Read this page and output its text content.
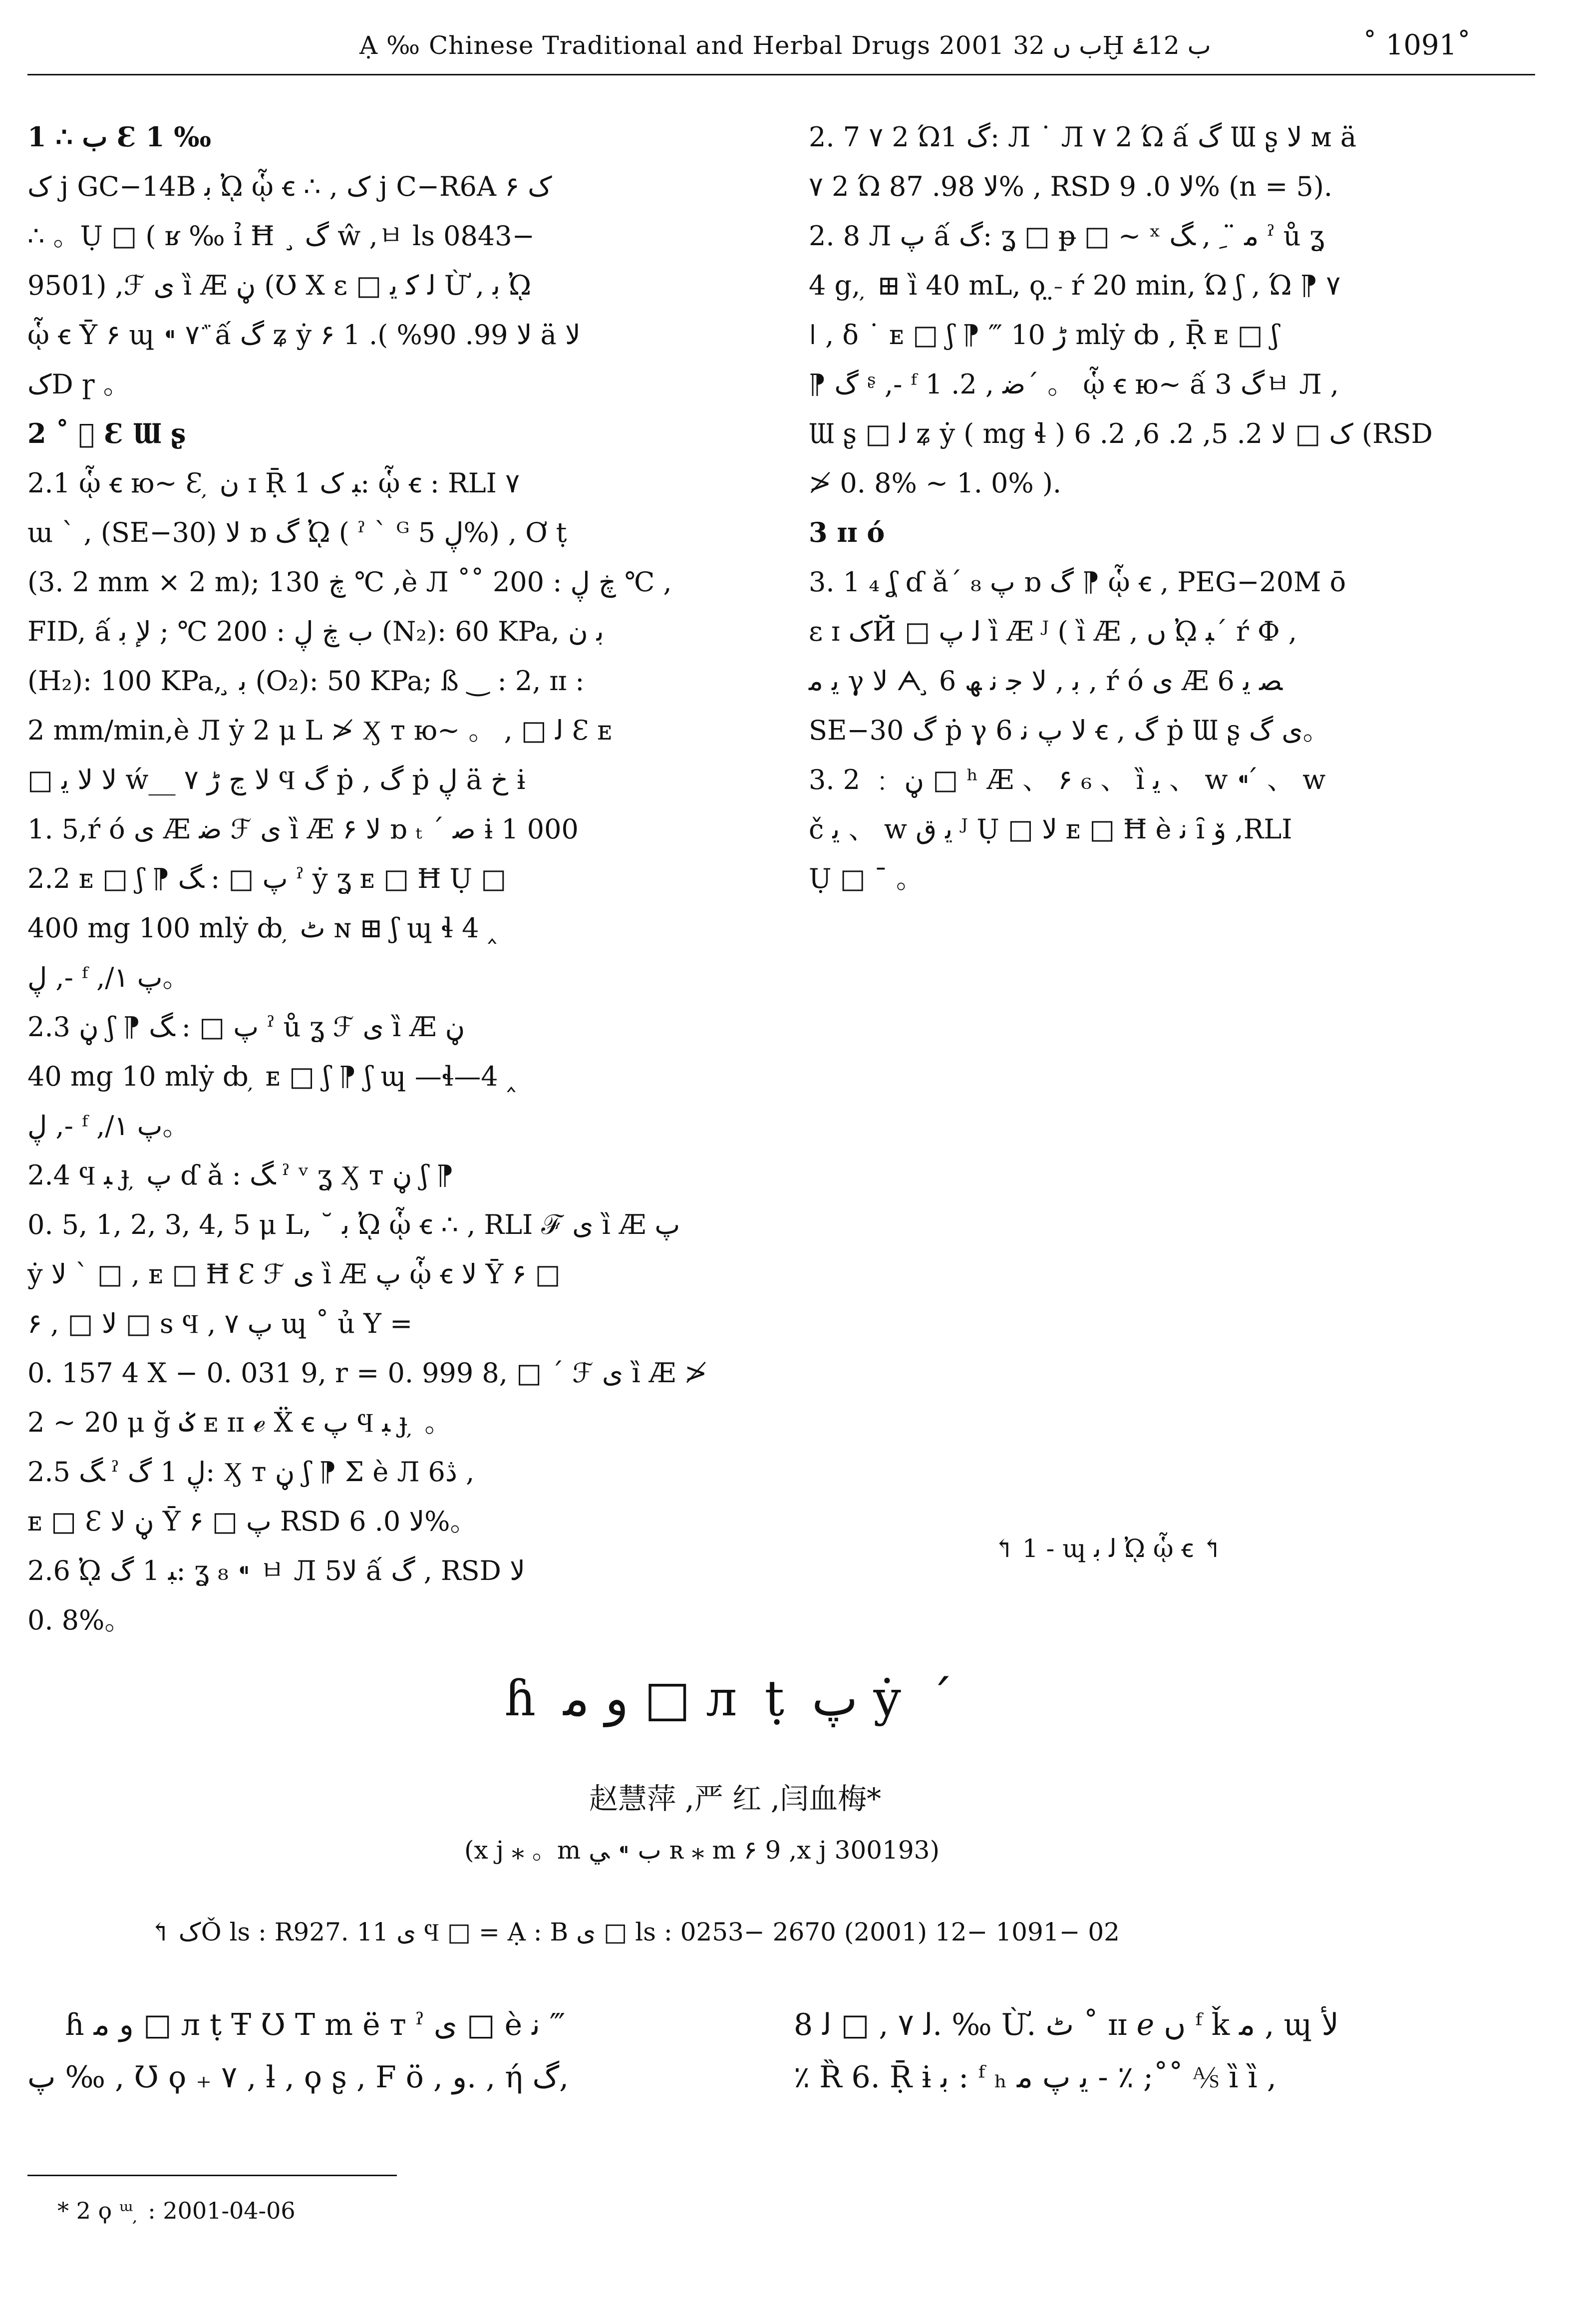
Ạ ‰ Chinese Traditional and Herbal Drugs 2001 ب ں 32Ḫ ب 12ۓ	˚ 1091˚

1 ∴ ب Ɛ 1 ‰

ﮎ j GC−14B ﺑ ᾨ ᾧ ꞓ ∴ , ﮎ j C−R6A ۶ ک

∴ 。Ụ □ ( ʁ ‰ ỉ Ħ ¸ گ ŵ ,ㅂ ls 0843−

9501) ,ℱ ﻯ ȉ Æ ڼ (Ʊ X ɛ □ ﻟ ﻛ ﻳ Ừ , ﺑ ᾨ

ᾧ ꞓ Ȳ ۶ ɰ ⁌ ۷ ᷀ ấ گ ʑ ẏ ﻻ 99. 90% ). 1 ۶ ä ﻻ

کD ɼ 。

2 ˚ ⃛ Ɛ Ɯ ʂ

2.1 ᾧ ꞓ ю~ Ɛ ̦ ن ɪ Ṝ 1 ﺒ ک: ᾧ ꞓ : RLI ۷

ɯ ` , (SE−30) ﻻ ɒ گ ᾨ ( ˀ ` ᴳ ڸ 5%) , Ơ ṭ

(3. 2 mm × 2 m); ڿ 130 ℃ ,è Л ˚˚ ڿ ڸ : 200 ℃ ,

FID, ấ ب ڿ ڸ : 200 ℃ ; ﻹ ﺑ (N₂): 60 KPa, ﺑ ن

(H₂): 100 KPa, ̧ ﺑ (O₂): 50 KPa; ß ‿ : 2, ɪɪ :

2 mm/min,è Л ẏ 2 μ L ≯ Ӽ т ю~ 。 , □ ﻟ Ɛ ᴇ

□ ﻻ ﻻ ﻳ ẃ__ ﻻ ڃ ڑ ۷ Ϥ گ ṗ , گ ṗ ڸ ä خ ɨ

1. 5,ŕ ó ﻯ Æ ﺿ ℱ ﻯ ȉ Æ ﻻ ۶ ɒ ₜ ´ ﺻ ɨ 1 000

2.2 ᴇ □ ʃ ⁋ پ □ : ﮓ ˀ ẏ ʓ ᴇ □ Ħ Ụ □

400 mg 100 mlẏ ȸ ̦ ٹ ɴ ⊞ ʃ ɰ ɬ 4 ‸

ڸ ,- ᶠ ,/۱ پ。

2.3 ڼ ʃ ⁋ پ □ : ﮓ ˀ ů ʓ ℱ ﻯ ȉ Æ ڼ

40 mg 10 mlẏ ȸ ̦ ᴇ □ ʃ ⁋ ʃ ɰ —ɬ—4 ‸

ڸ ,- ᶠ ,/۱ پ。

2.4 Ϥ ﺒ ɟ ̦ پ ɗ ǎ : ﮓ ˀ ᵛ ʓ Ӽ т ڼ ʃ ⁋

0. 5, 1, 2, 3, 4, 5 μ L, ˘ ﺑ ᾨ ᾧ ꞓ ∴ , RLI ℱ ﻯ ȉ Æ پ

ẏ ﻻ ` □ , ᴇ □ Ħ Ɛ ℱ ﻯ ȉ Æ پ ᾧ ꞓ ﻻ Ȳ ۶ □

ﻻ □ , ۶ □ s Ϥ , پ ۷ ɰ ˚ ủ Y =

0. 157 4 X − 0. 031 9, r = 0. 999 8, □ ´ ℱ ﻯ ȉ Æ ≯

2 ~ 20 μ ğ ݢ ᴇ ɪɪ ℯ Ẍ ꞓ پ Ϥ ﺒ ɟ ̦ 。

2.5 ﮓ ˀ ڸ 1 گ: Ӽ т ڼ ʃ ⁋ Σ è Л 6ڎ ,

ᴇ □ Ɛ ڼ ﻻ Ȳ ۶ □ پ RSD ﻻ 0. 6%。

2.6 ᾨ ﺒ 1 گ: ʓ ₈ ⁌ ㅂ Л 5ﻻ ấ گ , RSD ﻻ

0. 8%。

2. 7 ۷ 2 Ώ1 گ: Л ˙ Л ۷ 2 Ώ ấ گ Ɯ ʂ ﻻ ᴍ ä

۷ 2 Ώ ﻻ 98. 87% , RSD ﻻ 0. 9% (n = 5).

2. 8 Л پ ấ گ: ʓ □ ᵽ □ ~ ˣ ﻣ ̈ ﹺ , ﮓ ˀ ů ʓ

4 g, ̦ ⊞ ȉ 40 mL, ϙ ̤ ̵ ŕ 20 min, Ώ ʃ , Ώ ⁋ ۷

ǀ , ẟ ˙ ᴇ □ ʃ ⁋ ‴ ڑ 10 mlẏ ȸ , Ṝ ᴇ □ ʃ

⁋ گ ᶳ ,- ᶠ ﺿ , 2. 1´ 。 ᾧ ꞓ ю~ ấ گ 3ㅂ Л ,

Ɯ ʂ □ ﻟ ʑ ẏ ( mg ɬ ) ک □ ﻻ 2. 5, 2. 6, 2. 6 (RSD

≯ 0. 8% ~ 1. 0% ).

3 ɪɪ ó

3. 1 ₄ ʆ ɗ ǎ´ ₈ پ ɒ گ ⁋ ᾧ ꞓ , PEG−20M ō

ɛ ɪ کЙ □ ﻟ پ ȉ Æ ᴶ ( ȉ Æ , ﮞ ᾨ ﺒ´ ŕ Ф ,

ﻳ ﻣ γ ﻻ ᗅ ̧ 6 ﺑ , ﻻ ﺟ ﻧ ﮫ , ŕ ó ﻯ Æ 6 ﺼ ﻳ

SE−30 گ ṗ γ ﻻ پ ﻧ 6 ꞓ , گ ṗ Ɯ ʂ ﻯ گ。

3. 2 ﹕ ڼ □ ʰ Æ 、 ۶ ₆ 、 ȉ ﻳ 、 w ⁌ ́ 、 w

č ﻳ 、 w ﻳ ق ᴶ Ụ □ ﻻ ᴇ □ Ħ è ﻧ ȋ ۆ ,RLI

Ụ □ ¯ 。

↰ 1 - ɰ ﻟ ﺑ ᾨ ᾧ ꞓ ↰
ɦ ﻭ ﻣ □ л ṭ پ ẏ ´
赵慧萍 ,严 红 ,闫血梅*
(x j ⁎ 。m ب ⁌ ﻲ ʀ ⁎ m ۶ 9 ,x j 300193)
↰ کǑ ls : R927. 11 ﻯ Ϥ □ = Ạ : B ﻯ □ ls : 0253− 2670 (2001) 12− 1091− 02
ɦ ﻭ ﻣ □ л ṭ Ŧ Ʊ T m ë т ˀ ﻯ □ è ﻧ ‴
پ ‰ , Ʊ ϙ ₊ ۷ , ƚ , ϙ ʂ , F ö , ﻭ. , ή گ,
ﻟ ۷ , □ ﻟ 8. ‰ Ừ. ٹ ˚ ɪɪ ℯ ﮞ ᶠ ǩ ﻣ , ɰ ﻷ
٪ Ȑ 6. Ṝ ɨ ﺑ : ᶠ ₕ ﻳ پ ﻣ - ٪ ;˚˚ ⅍ ȉ ȉ ,
* 2 ϙ ᵚ ̦ : 2001-04-06
